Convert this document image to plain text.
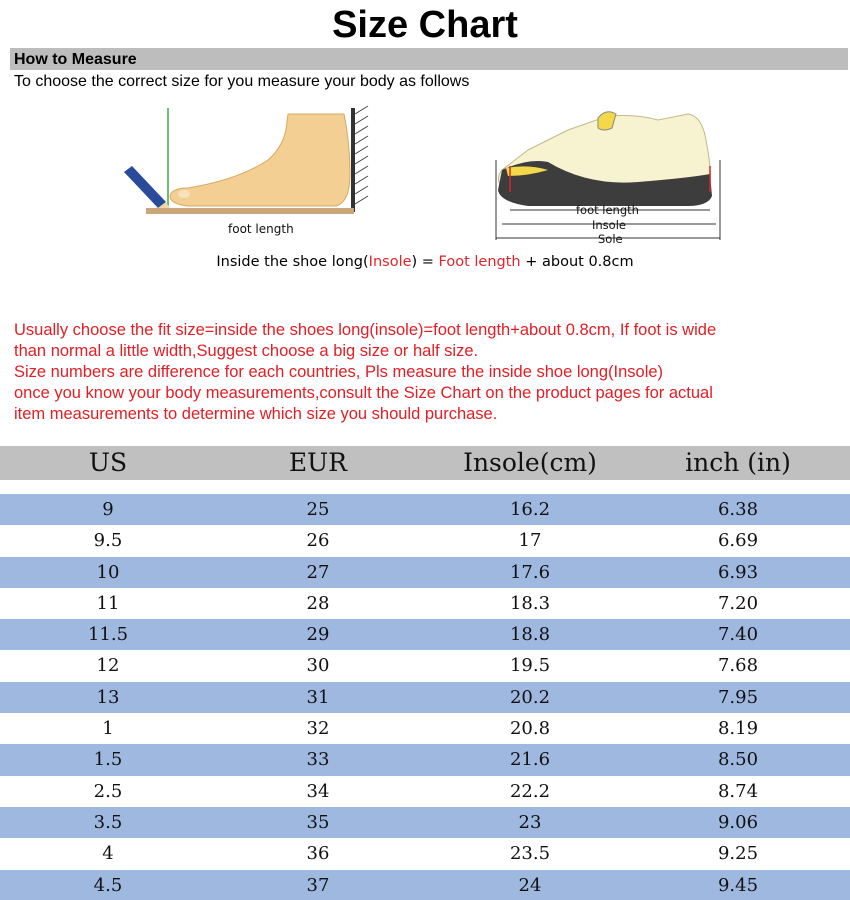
Size Chart
How to Measure
To choose the correct size for you measure your body as follows
foot length
foot length
Insole
Sole
Inside the shoe long(Insole) = Foot length + about 0.8cm
Usually choose the fit size=inside the shoes long(insole)=foot length+about 0.8cm, If foot is wide
than normal a little width,Suggest choose a big size or half size.
Size numbers are difference for each countries, Pls measure the inside shoe long(Insole)
once you know your body measurements,consult the Size Chart on the product pages for actual
item measurements to determine which size you should purchase.
US	EUR	Insole(cm)	inch (in)
9	25	16.2	6.38
9.5	26	17	6.69
10	27	17.6	6.93
11	28	18.3	7.20
11.5	29	18.8	7.40
12	30	19.5	7.68
13	31	20.2	7.95
1	32	20.8	8.19
1.5	33	21.6	8.50
2.5	34	22.2	8.74
3.5	35	23	9.06
4	36	23.5	9.25
4.5	37	24	9.45
